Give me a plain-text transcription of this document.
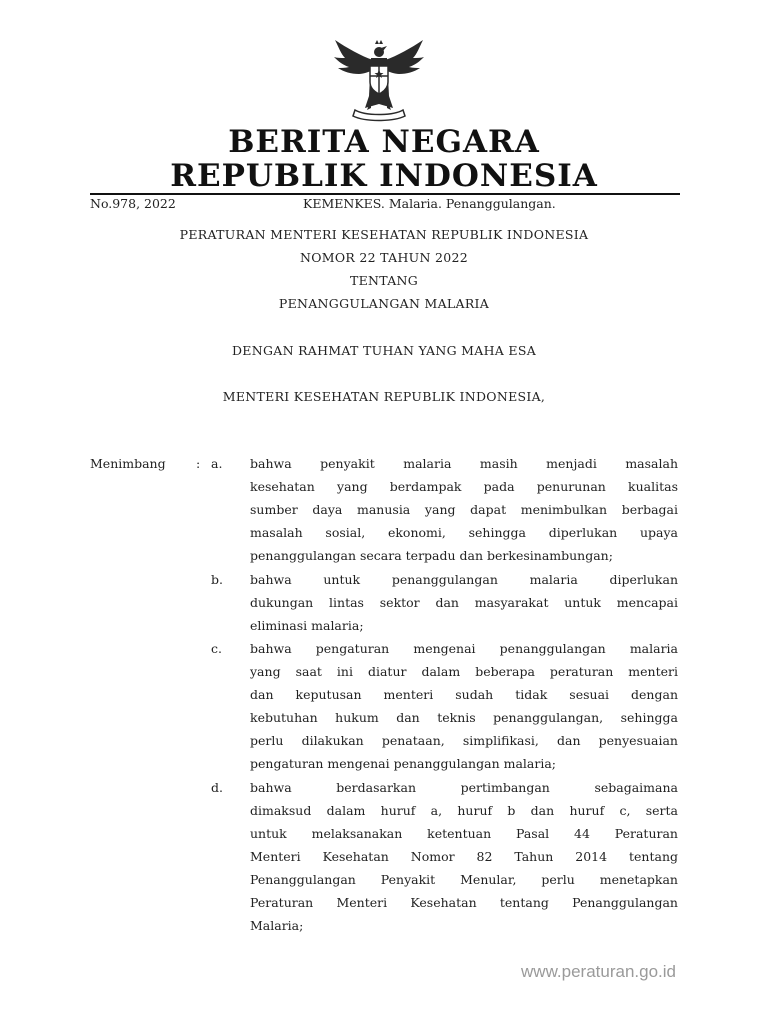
BERITA NEGARA
REPUBLIK INDONESIA
No.978, 2022	KEMENKES. Malaria. Penanggulangan.
PERATURAN MENTERI KESEHATAN REPUBLIK INDONESIA
NOMOR 22 TAHUN 2022
TENTANG
PENANGGULANGAN MALARIA
DENGAN RAHMAT TUHAN YANG MAHA ESA
MENTERI KESEHATAN REPUBLIK INDONESIA,
Menimbang : a. bahwa penyakit malaria masih menjadi masalah
kesehatan yang berdampak pada penurunan kualitas
sumber daya manusia yang dapat menimbulkan berbagai
masalah sosial, ekonomi, sehingga diperlukan upaya
penanggulangan secara terpadu dan berkesinambungan;
b. bahwa untuk penanggulangan malaria diperlukan
dukungan lintas sektor dan masyarakat untuk mencapai
eliminasi malaria;
c. bahwa pengaturan mengenai penanggulangan malaria
yang saat ini diatur dalam beberapa peraturan menteri
dan keputusan menteri sudah tidak sesuai dengan
kebutuhan hukum dan teknis penanggulangan, sehingga
perlu dilakukan penataan, simplifikasi, dan penyesuaian
pengaturan mengenai penanggulangan malaria;
d. bahwa berdasarkan pertimbangan sebagaimana
dimaksud dalam huruf a, huruf b dan huruf c, serta
untuk melaksanakan ketentuan Pasal 44 Peraturan
Menteri Kesehatan Nomor 82 Tahun 2014 tentang
Penanggulangan Penyakit Menular, perlu menetapkan
Peraturan Menteri Kesehatan tentang Penanggulangan
Malaria;
www.peraturan.go.id
